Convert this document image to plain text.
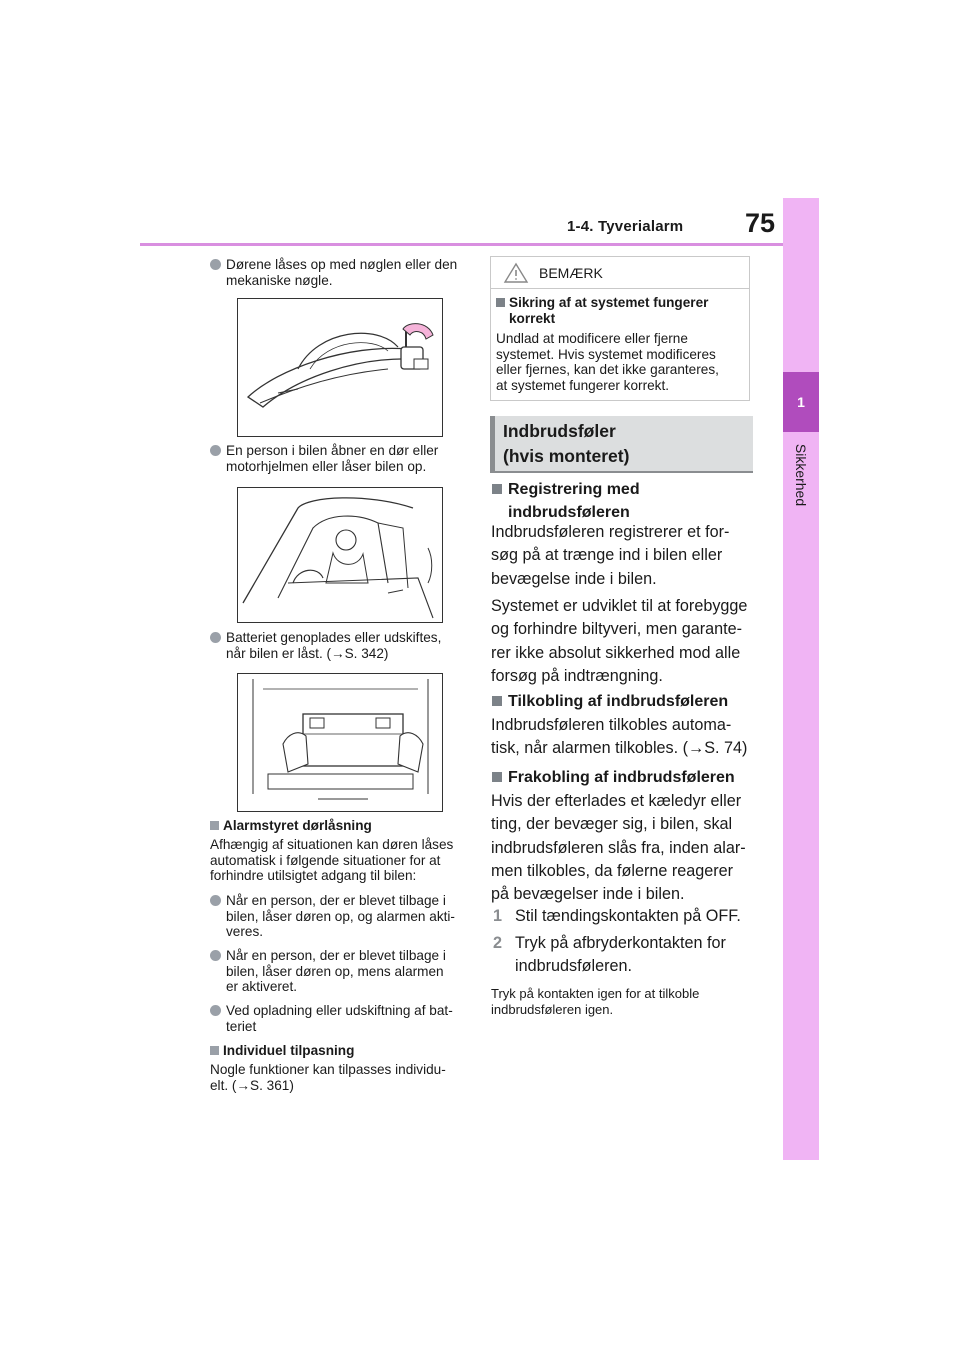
1-4. Tyverialarm 75
1
Sikkerhed
Dørene låses op med nøglen eller den
mekaniske nøgle.
En person i bilen åbner en dør eller
motorhjelmen eller låser bilen op.
Batteriet genoplades eller udskiftes,
når bilen er låst. (→S. 342)
Alarmstyret dørlåsning
Afhængig af situationen kan døren låses
automatisk i følgende situationer for at
forhindre utilsigtet adgang til bilen:
Når en person, der er blevet tilbage i
bilen, låser døren op, og alarmen akti-
veres.
Når en person, der er blevet tilbage i
bilen, låser døren op, mens alarmen
er aktiveret.
Ved opladning eller udskiftning af bat-
teriet
Individuel tilpasning
Nogle funktioner kan tilpasses individu-
elt. (→S. 361)
BEMÆRK
Sikring af at systemet fungerer
korrekt
Undlad at modificere eller fjerne
systemet. Hvis systemet modificeres
eller fjernes, kan det ikke garanteres,
at systemet fungerer korrekt.
Indbrudsføler
(hvis monteret)
Registrering med
indbrudsføleren
Indbrudsføleren registrerer et for-
søg på at trænge ind i bilen eller
bevægelse inde i bilen.
Systemet er udviklet til at forebygge
og forhindre biltyveri, men garante-
rer ikke absolut sikkerhed mod alle
forsøg på indtrængning.
Tilkobling af indbrudsføleren
Indbrudsføleren tilkobles automa-
tisk, når alarmen tilkobles. (→S. 74)
Frakobling af indbrudsføleren
Hvis der efterlades et kæledyr eller
ting, der bevæger sig, i bilen, skal
indbrudsføleren slås fra, inden alar-
men tilkobles, da følerne reagerer
på bevægelser inde i bilen.
1 Stil tændingskontakten på OFF.
2 Tryk på afbryderkontakten for
indbrudsføleren.
Tryk på kontakten igen for at tilkoble
indbrudsføleren igen.
